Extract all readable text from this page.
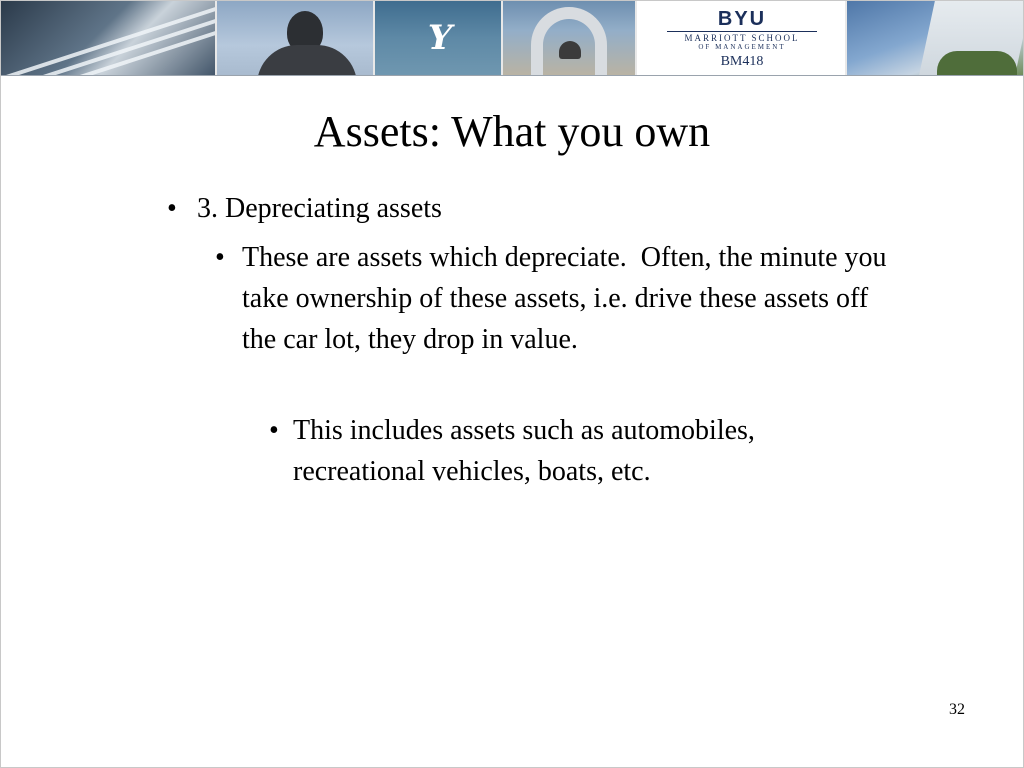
Y	BYU
MARRIOTT SCHOOL
OF MANAGEMENT
BM418
Assets: What you own
• 3. Depreciating assets
• These are assets which depreciate.  Often, the minute you take ownership of these assets, i.e. drive these assets off the car lot, they drop in value.
• This includes assets such as automobiles, recreational vehicles, boats, etc.
32
